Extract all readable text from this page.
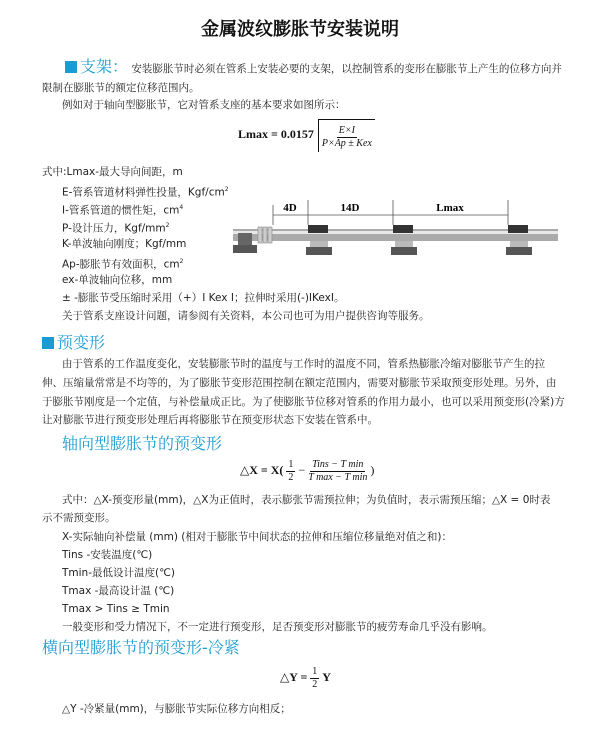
金属波纹膨胀节安装说明
支架： 安装膨胀节时必须在管系上安装必要的支架，以控制管系的变形在膨胀节上产生的位移方向并
限制在膨胀节的额定位移范围内。
例如对于轴向型膨胀节，它对管系支座的基本要求如图所示：
Lmax = 0.0157 E×I
P×Ap ± Kex
式中:Lmax-最大导向间距，m
E-管系管道材料弹性投量，Kgf/$cm^2$
I-管系管道的惯性矩，$cm^4$
P-设计压力，Kgf/$mm^2$
K-单波轴向刚度；Kgf/mm
Ap-膨胀节有效面积，$cm^2$
ex-单波轴向位移，mm
± -膨胀节受压缩时采用（+）I Kex I；拉伸时采用(-)IKexI。
关于管系支座设计问题，请参阅有关资料，本公司也可为用户提供咨询等服务。
4D	14D	Lmax
预变形
由于管系的工作温度变化，安装膨胀节时的温度与工作时的温度不同，管系热膨胀冷缩对膨胀节产生的拉
伸、压缩量常常是不均等的，为了膨胀节变形范围控制在额定范围内，需要对膨胀节采取预变形处理。另外，由
于膨胀节刚度是一个定值，与补偿量成正比。为了使膨胀节位移对管系的作用力最小，也可以采用预变形(冷紧)方
让对膨胀节进行预变形处理后再将膨胀节在预变形状态下安装在管系中。
轴向型膨胀节的预变形
△X = $X( \frac{1}{2}$ − Tins − T min
T max − T min
)
式中：△X-预变形量(mm)，△X为正值时，表示膨张节需预拉伸；为负值时，表示需预压缩；△X = 0时表
示不需预变形。
X-实际轴向补偿量 (mm) (相对于膨胀节中间状态的拉伸和压缩位移量绝对值之和)：
Tins -安装温度(℃)
Tmin-最低设计温度(℃)
Tmax -最高设计温 (℃)
Tmax > Tins ≥ Tmin
一般变形和受力情况下，不一定进行预变形，足否预变形对膨胀节的疲劳寿命几乎没有影响。
横向型膨胀节的预变形-冷紧
△Y = $\frac{1}{2}$ Y
△Y -冷紧量(mm)，与膨胀节实际位移方向相反；
